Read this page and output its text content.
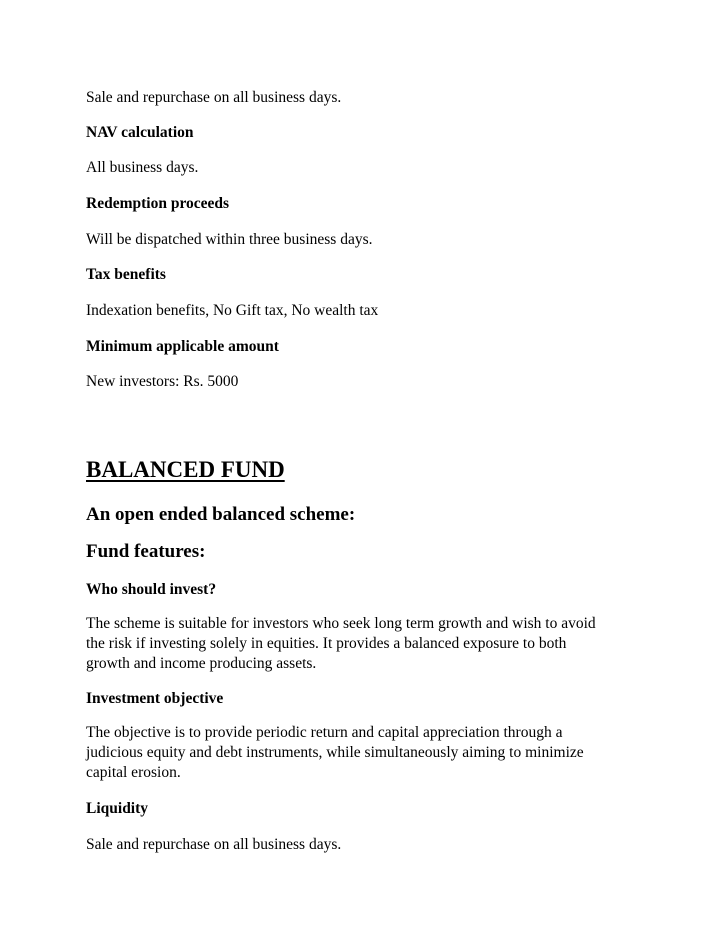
Sale and repurchase on all business days.

NAV calculation

All business days.

Redemption proceeds

Will be dispatched within three business days.

Tax benefits

Indexation benefits, No Gift tax, No wealth tax

Minimum applicable amount

New investors: Rs. 5000

BALANCED FUND
An open ended balanced scheme:
Fund features:

Who should invest?

The scheme is suitable for investors who seek long term growth and wish to avoid
the risk if investing solely in equities. It provides a balanced exposure to both
growth and income producing assets.

Investment objective

The objective is to provide periodic return and capital appreciation through a
judicious equity and debt instruments, while simultaneously aiming to minimize
capital erosion.

Liquidity

Sale and repurchase on all business days.
